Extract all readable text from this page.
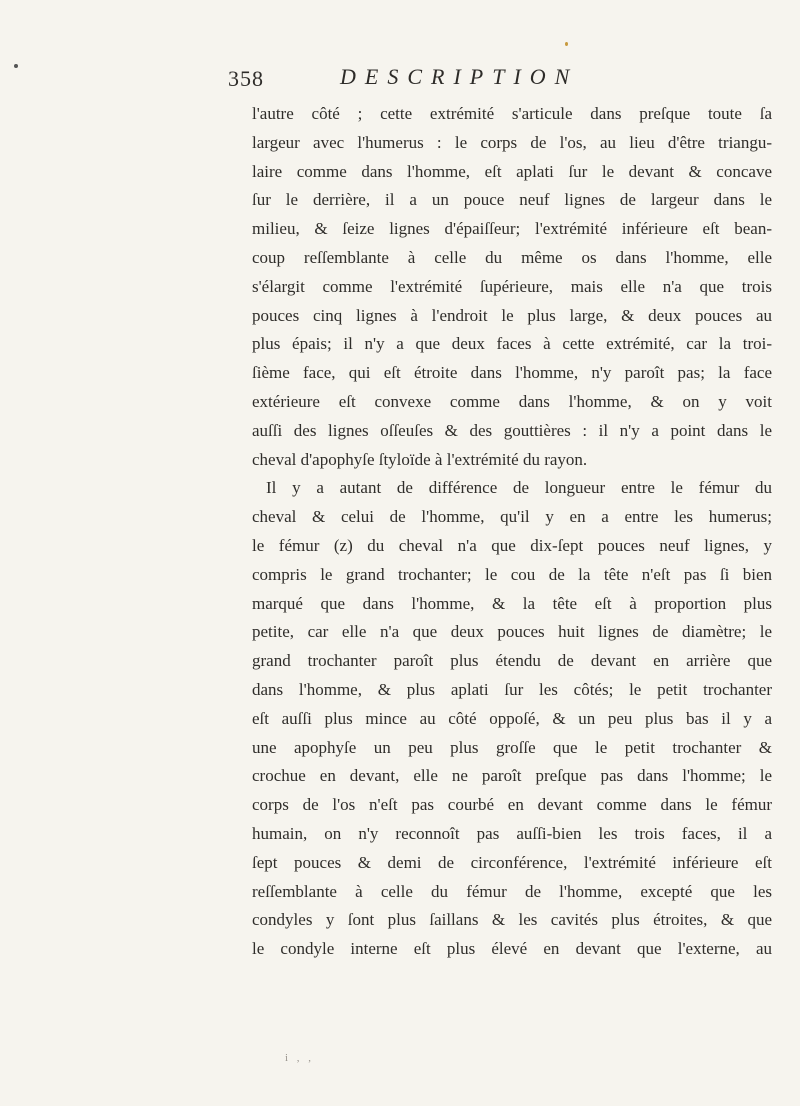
358	DESCRIPTION

l'autre côté ; cette extrémité s'articule dans preſque toute ſa
largeur avec l'humerus : le corps de l'os, au lieu d'être triangu-
laire comme dans l'homme, eſt aplati ſur le devant & concave
ſur le derrière, il a un pouce neuf lignes de largeur dans le
milieu, & ſeize lignes d'épaiſſeur; l'extrémité inférieure eſt bean-
coup reſſemblante à celle du même os dans l'homme, elle
s'élargit comme l'extrémité ſupérieure, mais elle n'a que trois
pouces cinq lignes à l'endroit le plus large, & deux pouces au
plus épais; il n'y a que deux faces à cette extrémité, car la troi-
ſième face, qui eſt étroite dans l'homme, n'y paroît pas; la face
extérieure eſt convexe comme dans l'homme, & on y voit
auſſi des lignes oſſeuſes & des gouttières : il n'y a point dans le
cheval d'apophyſe ſtyloïde à l'extrémité du rayon.

Il y a autant de différence de longueur entre le fémur du
cheval & celui de l'homme, qu'il y en a entre les humerus;
le fémur (z) du cheval n'a que dix-ſept pouces neuf lignes, y
compris le grand trochanter; le cou de la tête n'eſt pas ſi bien
marqué que dans l'homme, & la tête eſt à proportion plus
petite, car elle n'a que deux pouces huit lignes de diamètre; le
grand trochanter paroît plus étendu de devant en arrière que
dans l'homme, & plus aplati ſur les côtés; le petit trochanter
eſt auſſi plus mince au côté oppoſé, & un peu plus bas il y a
une apophyſe un peu plus groſſe que le petit trochanter &
crochue en devant, elle ne paroît preſque pas dans l'homme; le
corps de l'os n'eſt pas courbé en devant comme dans le fémur
humain, on n'y reconnoît pas auſſi-bien les trois faces, il a
ſept pouces & demi de circonférence, l'extrémité inférieure eſt
reſſemblante à celle du fémur de l'homme, excepté que les
condyles y ſont plus ſaillans & les cavités plus étroites, & que
le condyle interne eſt plus élevé en devant que l'externe, au

i , ,
